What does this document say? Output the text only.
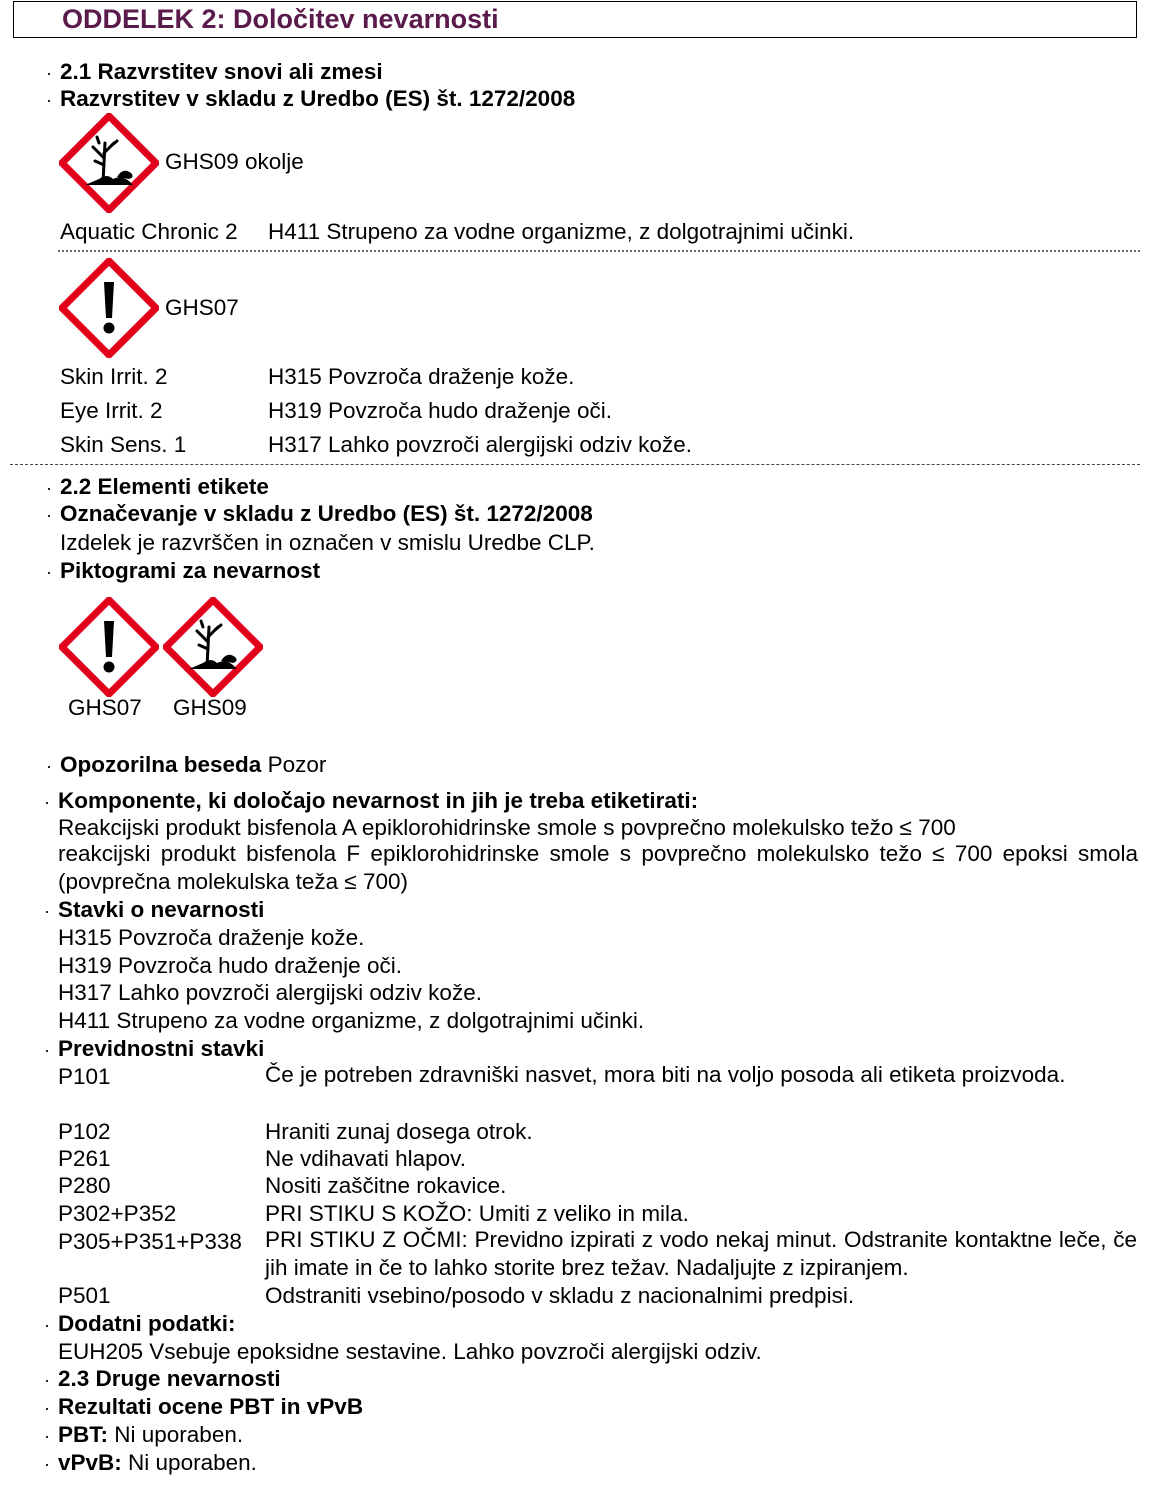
ODDELEK 2: Določitev nevarnosti
· 2.1 Razvrstitev snovi ali zmesi
· Razvrstitev v skladu z Uredbo (ES) št. 1272/2008
GHS09 okolje
Aquatic Chronic 2 H411 Strupeno za vodne organizme, z dolgotrajnimi učinki.
GHS07
Skin Irrit. 2	H315 Povzroča draženje kože.
Eye Irrit. 2	H319 Povzroča hudo draženje oči.
Skin Sens. 1	H317 Lahko povzroči alergijski odziv kože.
· 2.2 Elementi etikete
· Označevanje v skladu z Uredbo (ES) št. 1272/2008
Izdelek je razvrščen in označen v smislu Uredbe CLP.
· Piktogrami za nevarnost
GHS07 GHS09
· Opozorilna beseda Pozor
· Komponente, ki določajo nevarnost in jih je treba etiketirati:
Reakcijski produkt bisfenola A epiklorohidrinske smole s povprečno molekulsko težo ≤ 700
reakcijski produkt bisfenola F epiklorohidrinske smole s povprečno molekulsko težo ≤ 700 epoksi smola (povprečna molekulska teža ≤ 700)
· Stavki o nevarnosti
H315 Povzroča draženje kože.
H319 Povzroča hudo draženje oči.
H317 Lahko povzroči alergijski odziv kože.
H411 Strupeno za vodne organizme, z dolgotrajnimi učinki.
· Previdnostni stavki
P101	Če je potreben zdravniški nasvet, mora biti na voljo posoda ali etiketa proizvoda.
P102	Hraniti zunaj dosega otrok.
P261	Ne vdihavati hlapov.
P280	Nositi zaščitne rokavice.
P302+P352	PRI STIKU S KOŽO: Umiti z veliko in mila.
P305+P351+P338 PRI STIKU Z OČMI: Previdno izpirati z vodo nekaj minut. Odstranite kontaktne leče, če jih imate in če to lahko storite brez težav. Nadaljujte z izpiranjem.
P501	Odstraniti vsebino/posodo v skladu z nacionalnimi predpisi.
· Dodatni podatki:
EUH205 Vsebuje epoksidne sestavine. Lahko povzroči alergijski odziv.
· 2.3 Druge nevarnosti
· Rezultati ocene PBT in vPvB
· PBT: Ni uporaben.
· vPvB: Ni uporaben.
